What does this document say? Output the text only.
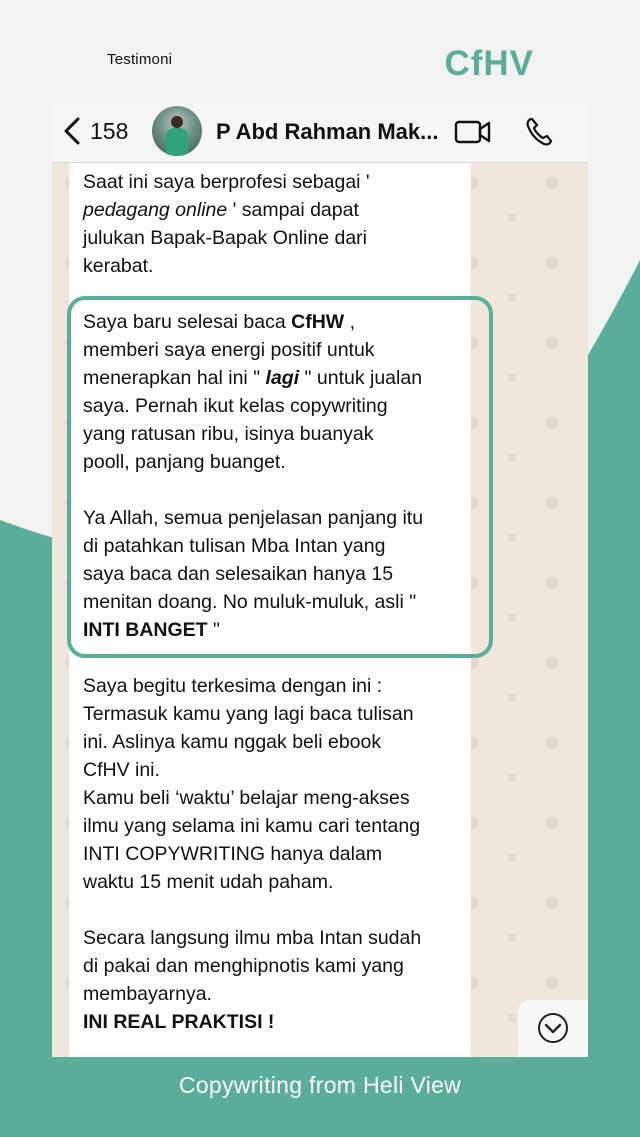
Testimoni	CfHV
158	P Abd Rahman Mak...

Saat ini saya berprofesi sebagai '

pedagang online ' sampai dapat

julukan Bapak-Bapak Online dari

kerabat.

Saya baru selesai baca CfHW ,

memberi saya energi positif untuk

menerapkan hal ini " lagi " untuk jualan

saya. Pernah ikut kelas copywriting

yang ratusan ribu, isinya buanyak

pooll, panjang buanget.

Ya Allah, semua penjelasan panjang itu

di patahkan tulisan Mba Intan yang

saya baca dan selesaikan hanya 15

menitan doang. No muluk-muluk, asli "

INTI BANGET "

Saya begitu terkesima dengan ini :

Termasuk kamu yang lagi baca tulisan

ini. Aslinya kamu nggak beli ebook

CfHV ini.

Kamu beli ‘waktu’ belajar meng-akses

ilmu yang selama ini kamu cari tentang

INTI COPYWRITING hanya dalam

waktu 15 menit udah paham.

Secara langsung ilmu mba Intan sudah

di pakai dan menghipnotis kami yang

membayarnya.

INI REAL PRAKTISI !

Copywriting from Heli View
